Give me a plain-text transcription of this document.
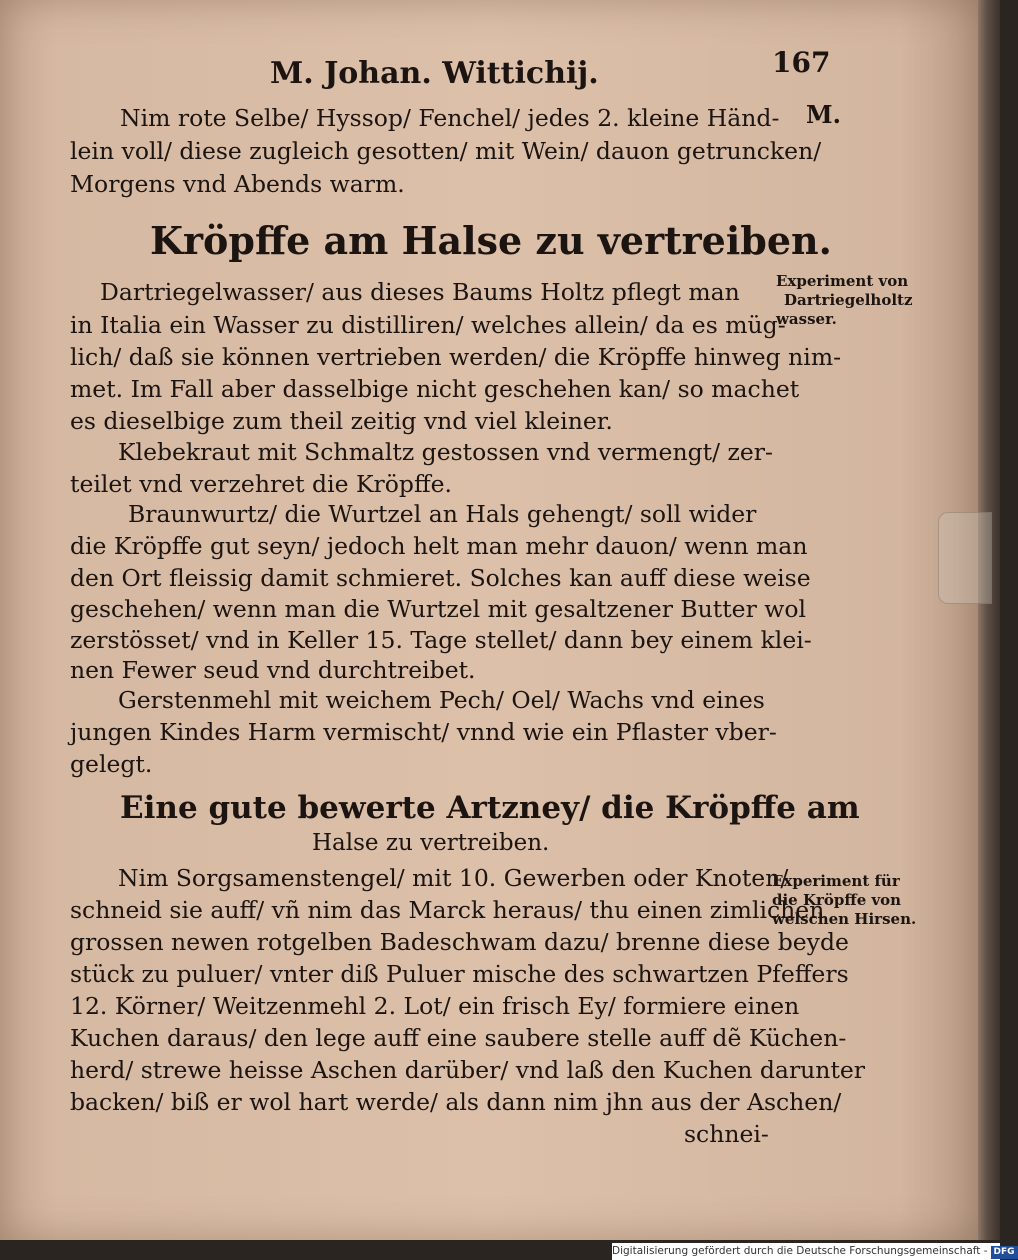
M. Johan. Wittichij.	167
M.
Nim rote Selbe/ Hyssop/ Fenchel/ jedes 2. kleine Händ-
lein voll/ diese zugleich gesotten/ mit Wein/ dauon getruncken/
Morgens vnd Abends warm.
Kröpffe am Halse zu vertreiben.
Dartriegelwasser/ aus dieses Baums Holtz pflegt man
in Italia ein Wasser zu distilliren/ welches allein/ da es müg-
lich/ daß sie können vertrieben werden/ die Kröpffe hinweg nim-
met. Im Fall aber dasselbige nicht geschehen kan/ so machet
es dieselbige zum theil zeitig vnd viel kleiner.
Klebekraut mit Schmaltz gestossen vnd vermengt/ zer-
teilet vnd verzehret die Kröpffe.
Braunwurtz/ die Wurtzel an Hals gehengt/ soll wider
die Kröpffe gut seyn/ jedoch helt man mehr dauon/ wenn man
den Ort fleissig damit schmieret. Solches kan auff diese weise
geschehen/ wenn man die Wurtzel mit gesaltzener Butter wol
zerstösset/ vnd in Keller 15. Tage stellet/ dann bey einem klei-
nen Fewer seud vnd durchtreibet.
Gerstenmehl mit weichem Pech/ Oel/ Wachs vnd eines
jungen Kindes Harm vermischt/ vnnd wie ein Pflaster vber-
gelegt.
Eine gute bewerte Artzney/ die Kröpffe am
Halse zu vertreiben.
Nim Sorgsamenstengel/ mit 10. Gewerben oder Knoten/
schneid sie auff/ vñ nim das Marck heraus/ thu einen zimlichen
grossen newen rotgelben Badeschwam dazu/ brenne diese beyde
stück zu puluer/ vnter diß Puluer mische des schwartzen Pfeffers
12. Körner/ Weitzenmehl 2. Lot/ ein frisch Ey/ formiere einen
Kuchen daraus/ den lege auff eine saubere stelle auff dẽ Küchen-
herd/ strewe heisse Aschen darüber/ vnd laß den Kuchen darunter
backen/ biß er wol hart werde/ als dann nim jhn aus der Aschen/
schnei-
Experiment von
Dartriegelholtz
wasser.
Experiment für
die Kröpffe von
welschen Hirsen.
Digitalisierung gefördert durch die Deutsche Forschungsgemeinschaft - DFG
